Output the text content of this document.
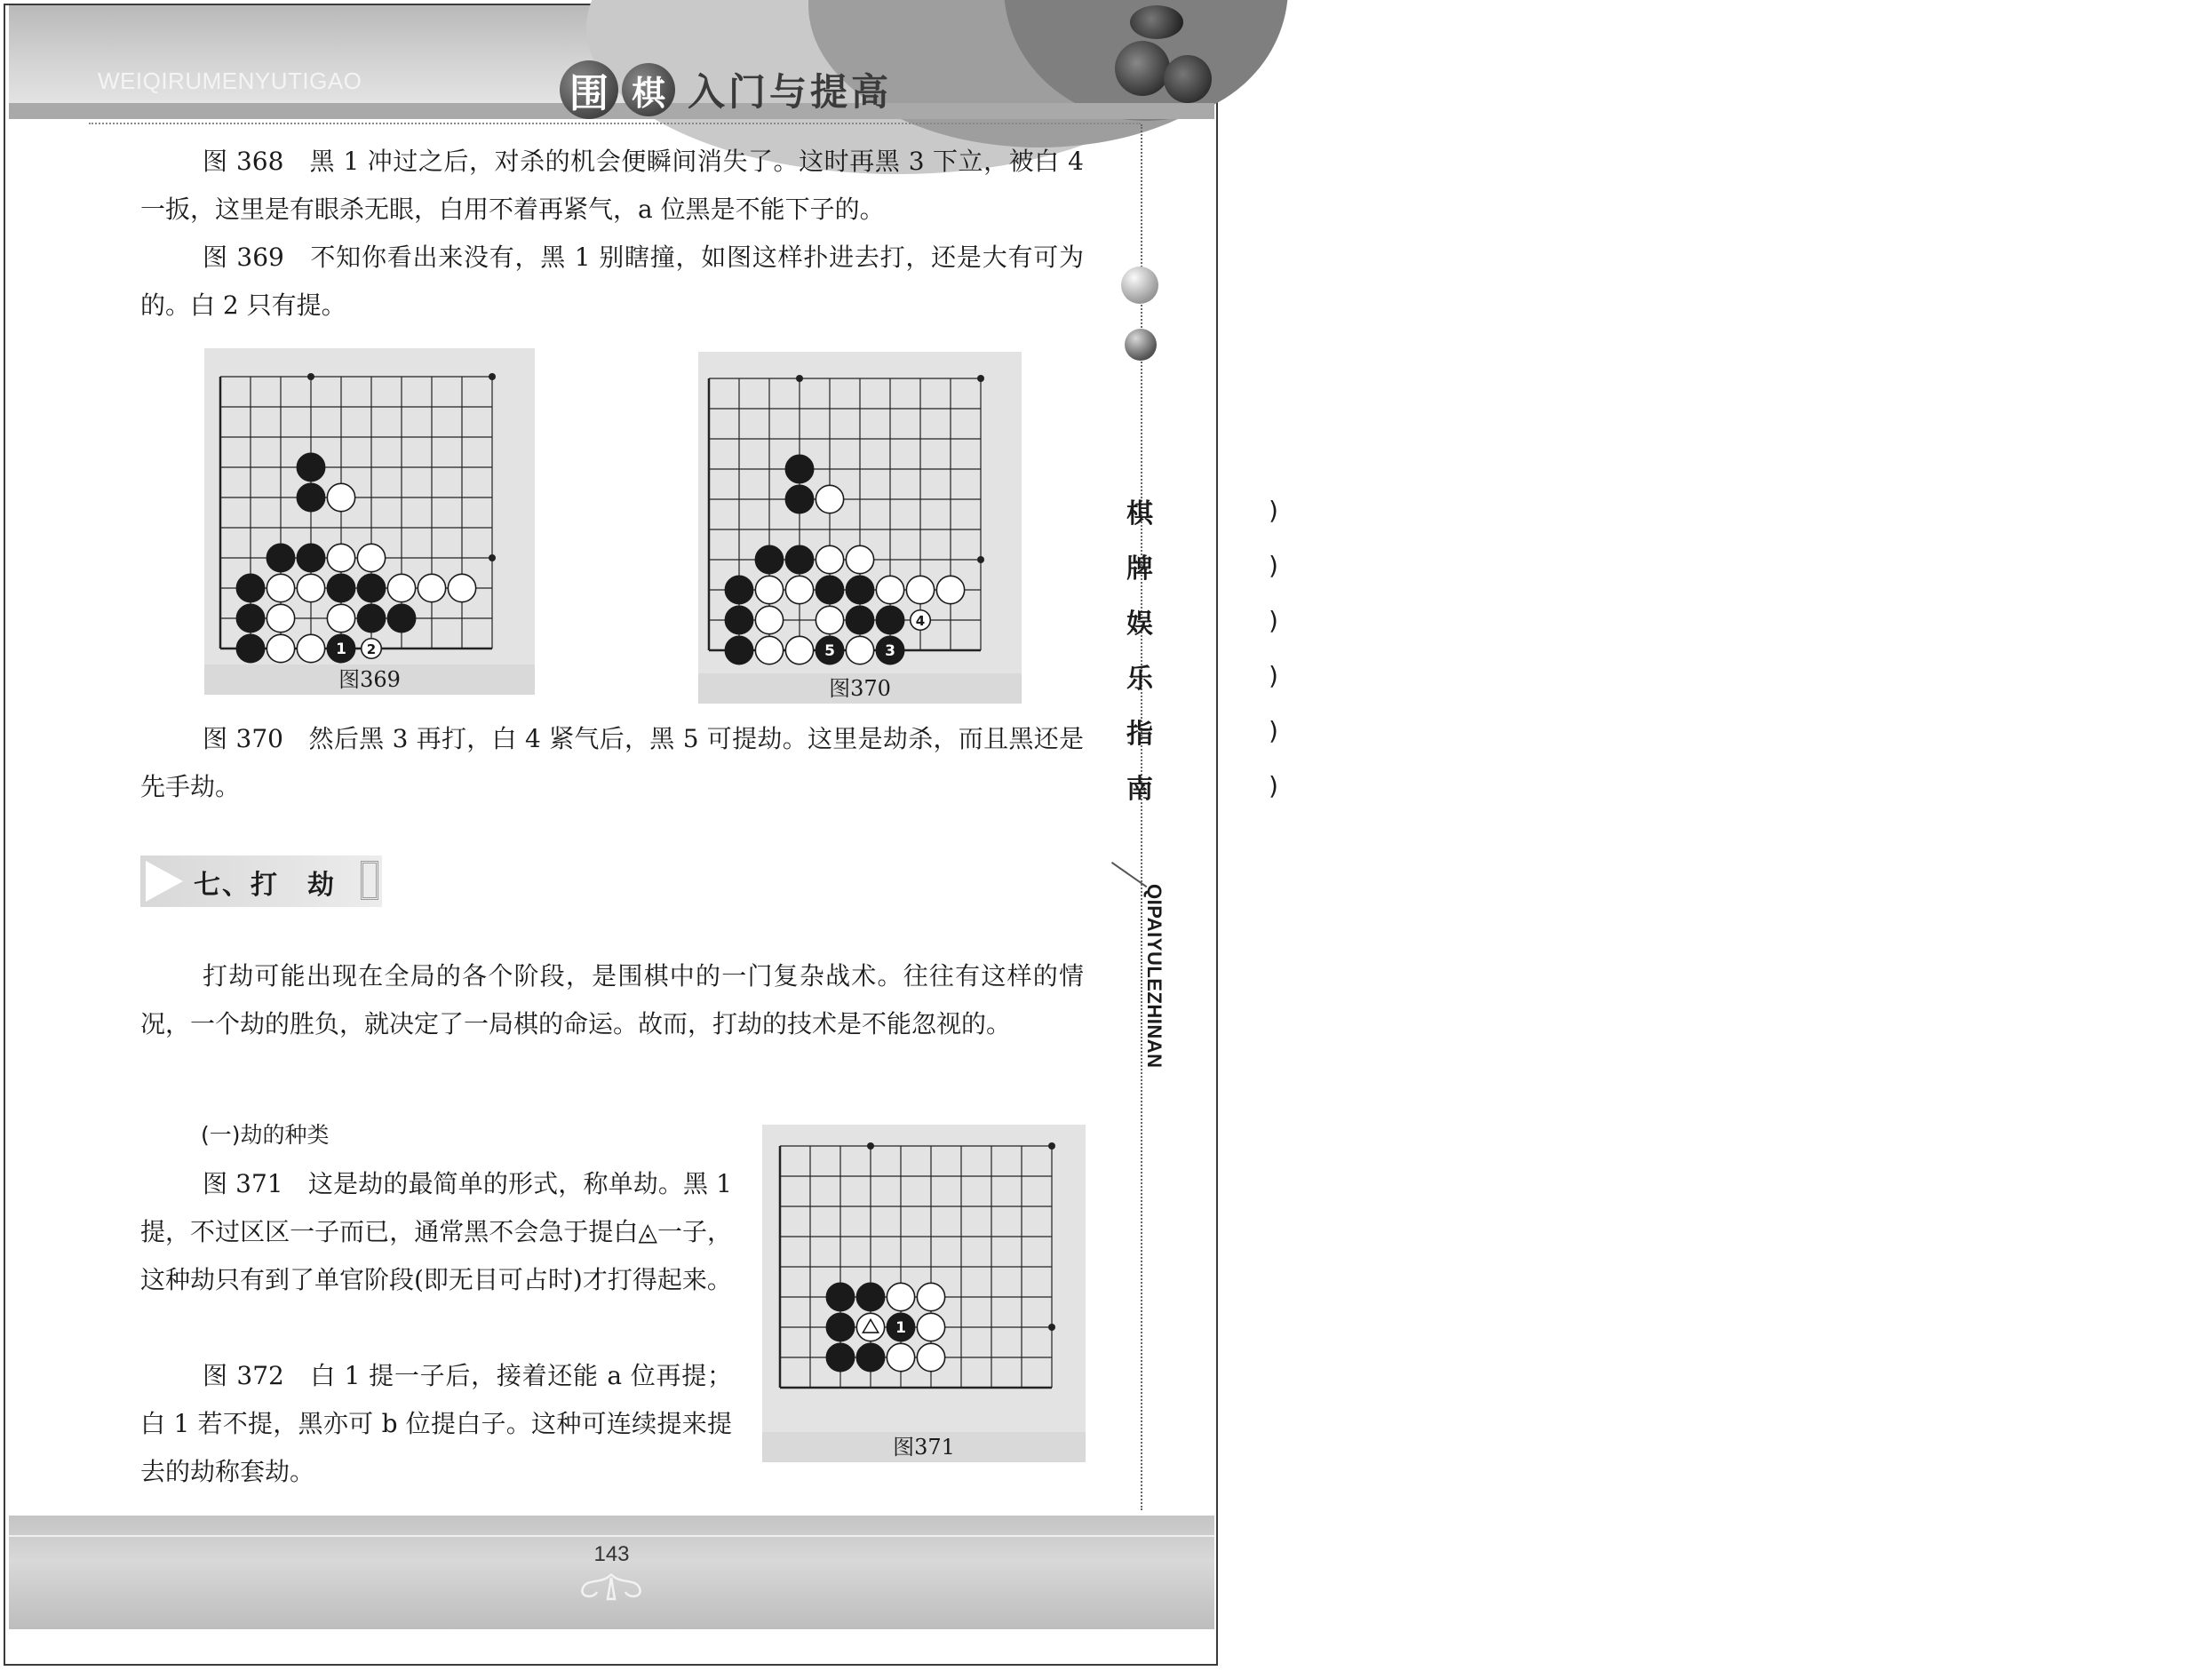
WEIQIRUMENYUTIGAO	围 棋 入门与提高
棋	)
牌	)
娱	)
乐	)
指	)
南	)
QIPAIYULEZHINAN
图 368　黑 1 冲过之后，对杀的机会便瞬间消失了。这时再黑 3 下立，被白 4 一扳，这里是有眼杀无眼，白用不着再紧气，a 位黑是不能下子的。
图 369　不知你看出来没有，黑 1 别瞎撞，如图这样扑进去打，还是大有可为的。白 2 只有提。
1 2
图369
4
5	3
图370
图 370　然后黑 3 再打，白 4 紧气后，黑 5 可提劫。这里是劫杀，而且黑还是先手劫。
七、打　劫
打劫可能出现在全局的各个阶段，是围棋中的一门复杂战术。往往有这样的情况，一个劫的胜负，就决定了一局棋的命运。故而，打劫的技术是不能忽视的。
(一)劫的种类
图 371　这是劫的最简单的形式，称单劫。黑 1 提，不过区区一子而已，通常黑不会急于提白◬一子，这种劫只有到了单官阶段(即无目可占时)才打得起来。
图 372　白 1 提一子后，接着还能 a 位再提；白 1 若不提，黑亦可 b 位提白子。这种可连续提来提去的劫称套劫。
1
图371
143
